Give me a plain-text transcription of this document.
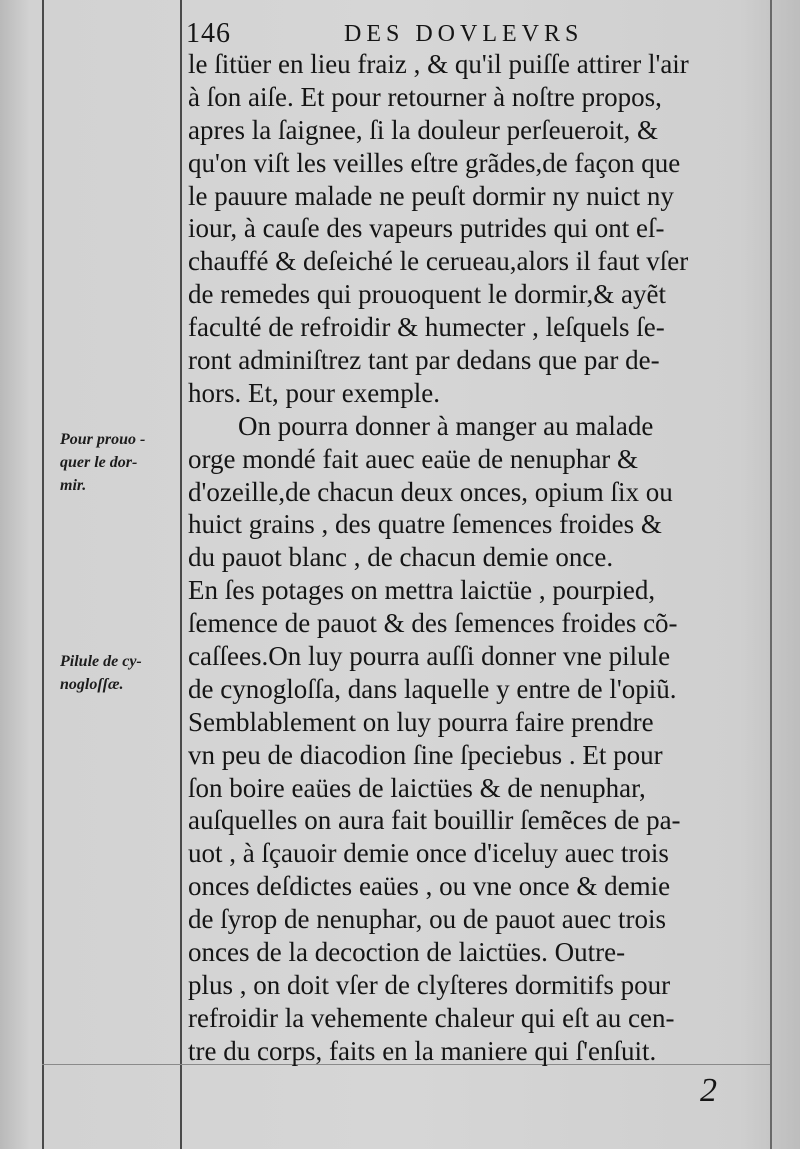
146	DES DOVLEVRS
le ſitüer en lieu fraiz , & qu'il puiſſe attirer l'air
à ſon aiſe. Et pour retourner à noſtre propos,
apres la ſaignee, ſi la douleur perſeueroit, &
qu'on viſt les veilles eſtre grãdes,de façon que
le pauure malade ne peuſt dormir ny nuict ny
iour, à cauſe des vapeurs putrides qui ont eſ-
chauffé & deſeiché le cerueau,alors il faut vſer
de remedes qui prouoquent le dormir,& ayẽt
faculté de refroidir & humecter , leſquels ſe-
ront adminiſtrez tant par dedans que par de-
hors. Et, pour exemple.
On pourra donner à manger au malade
orge mondé fait auec eaüe de nenuphar &
d'ozeille,de chacun deux onces, opium ſix ou
huict grains , des quatre ſemences froides &
du pauot blanc , de chacun demie once.
En ſes potages on mettra laictüe , pourpied,
ſemence de pauot & des ſemences froides cõ-
caſſees.On luy pourra auſſi donner vne pilule
de cynogloſſa, dans laquelle y entre de l'opiũ.
Semblablement on luy pourra faire prendre
vn peu de diacodion ſine ſpeciebus . Et pour
ſon boire eaües de laictües & de nenuphar,
auſquelles on aura fait bouillir ſemẽces de pa-
uot , à ſçauoir demie once d'iceluy auec trois
onces deſdictes eaües , ou vne once & demie
de ſyrop de nenuphar, ou de pauot auec trois
onces de la decoction de laictües. Outre-
plus , on doit vſer de clyſteres dormitifs pour
refroidir la vehemente chaleur qui eſt au cen-
tre du corps, faits en la maniere qui ſ'enſuit.
Pour prouo -
quer le dor-
mir.
Pilule de cy-
nogloſſæ.
2
